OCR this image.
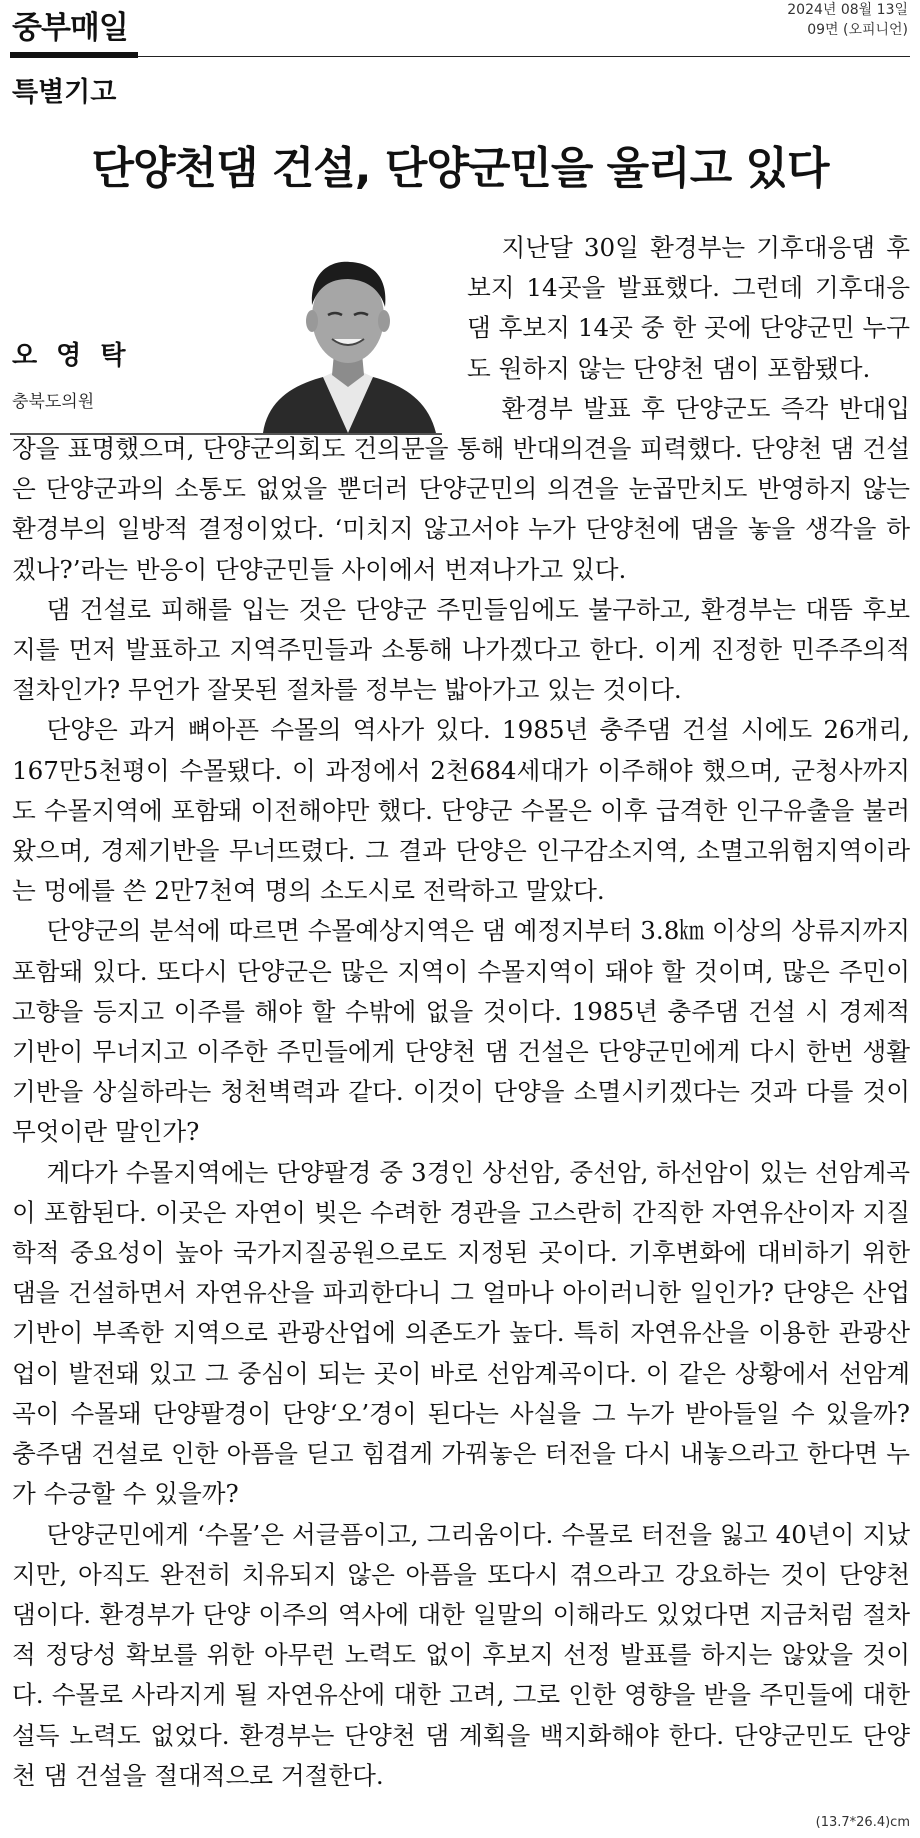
중부매일	2024년 08월 13일
09면 (오피니언)
특별기고
단양천댐 건설, 단양군민을 울리고 있다
오 영 탁
충북도의원

지난달 30일 환경부는 기후대응댐 후보지 14곳을 발표했다. 그런데 기후대응댐 후보지 14곳 중 한 곳에 단양군민 누구도 원하지 않는 단양천 댐이 포함됐다.

환경부 발표 후 단양군도 즉각 반대입장을 표명했으며, 단양군의회도 건의문을 통해 반대의견을 피력했다. 단양천 댐 건설은 단양군과의 소통도 없었을 뿐더러 단양군민의 의견을 눈곱만치도 반영하지 않는 환경부의 일방적 결정이었다. ‘미치지 않고서야 누가 단양천에 댐을 놓을 생각을 하겠나?’라는 반응이 단양군민들 사이에서 번져나가고 있다.

댐 건설로 피해를 입는 것은 단양군 주민들임에도 불구하고, 환경부는 대뜸 후보지를 먼저 발표하고 지역주민들과 소통해 나가겠다고 한다. 이게 진정한 민주주의적 절차인가? 무언가 잘못된 절차를 정부는 밟아가고 있는 것이다.

단양은 과거 뼈아픈 수몰의 역사가 있다. 1985년 충주댐 건설 시에도 26개리, 167만5천평이 수몰됐다. 이 과정에서 2천684세대가 이주해야 했으며, 군청사까지도 수몰지역에 포함돼 이전해야만 했다. 단양군 수몰은 이후 급격한 인구유출을 불러왔으며, 경제기반을 무너뜨렸다. 그 결과 단양은 인구감소지역, 소멸고위험지역이라는 멍에를 쓴 2만7천여 명의 소도시로 전락하고 말았다.

단양군의 분석에 따르면 수몰예상지역은 댐 예정지부터 3.8㎞ 이상의 상류지까지 포함돼 있다. 또다시 단양군은 많은 지역이 수몰지역이 돼야 할 것이며, 많은 주민이 고향을 등지고 이주를 해야 할 수밖에 없을 것이다. 1985년 충주댐 건설 시 경제적 기반이 무너지고 이주한 주민들에게 단양천 댐 건설은 단양군민에게 다시 한번 생활기반을 상실하라는 청천벽력과 같다. 이것이 단양을 소멸시키겠다는 것과 다를 것이 무엇이란 말인가?

게다가 수몰지역에는 단양팔경 중 3경인 상선암, 중선암, 하선암이 있는 선암계곡이 포함된다. 이곳은 자연이 빚은 수려한 경관을 고스란히 간직한 자연유산이자 지질학적 중요성이 높아 국가지질공원으로도 지정된 곳이다. 기후변화에 대비하기 위한 댐을 건설하면서 자연유산을 파괴한다니 그 얼마나 아이러니한 일인가? 단양은 산업기반이 부족한 지역으로 관광산업에 의존도가 높다. 특히 자연유산을 이용한 관광산업이 발전돼 있고 그 중심이 되는 곳이 바로 선암계곡이다. 이 같은 상황에서 선암계곡이 수몰돼 단양팔경이 단양‘오’경이 된다는 사실을 그 누가 받아들일 수 있을까? 충주댐 건설로 인한 아픔을 딛고 힘겹게 가꿔놓은 터전을 다시 내놓으라고 한다면 누가 수긍할 수 있을까?

단양군민에게 ‘수몰’은 서글픔이고, 그리움이다. 수몰로 터전을 잃고 40년이 지났지만, 아직도 완전히 치유되지 않은 아픔을 또다시 겪으라고 강요하는 것이 단양천 댐이다. 환경부가 단양 이주의 역사에 대한 일말의 이해라도 있었다면 지금처럼 절차적 정당성 확보를 위한 아무런 노력도 없이 후보지 선정 발표를 하지는 않았을 것이다. 수몰로 사라지게 될 자연유산에 대한 고려, 그로 인한 영향을 받을 주민들에 대한 설득 노력도 없었다. 환경부는 단양천 댐 계획을 백지화해야 한다. 단양군민도 단양천 댐 건설을 절대적으로 거절한다.

(13.7*26.4)cm
